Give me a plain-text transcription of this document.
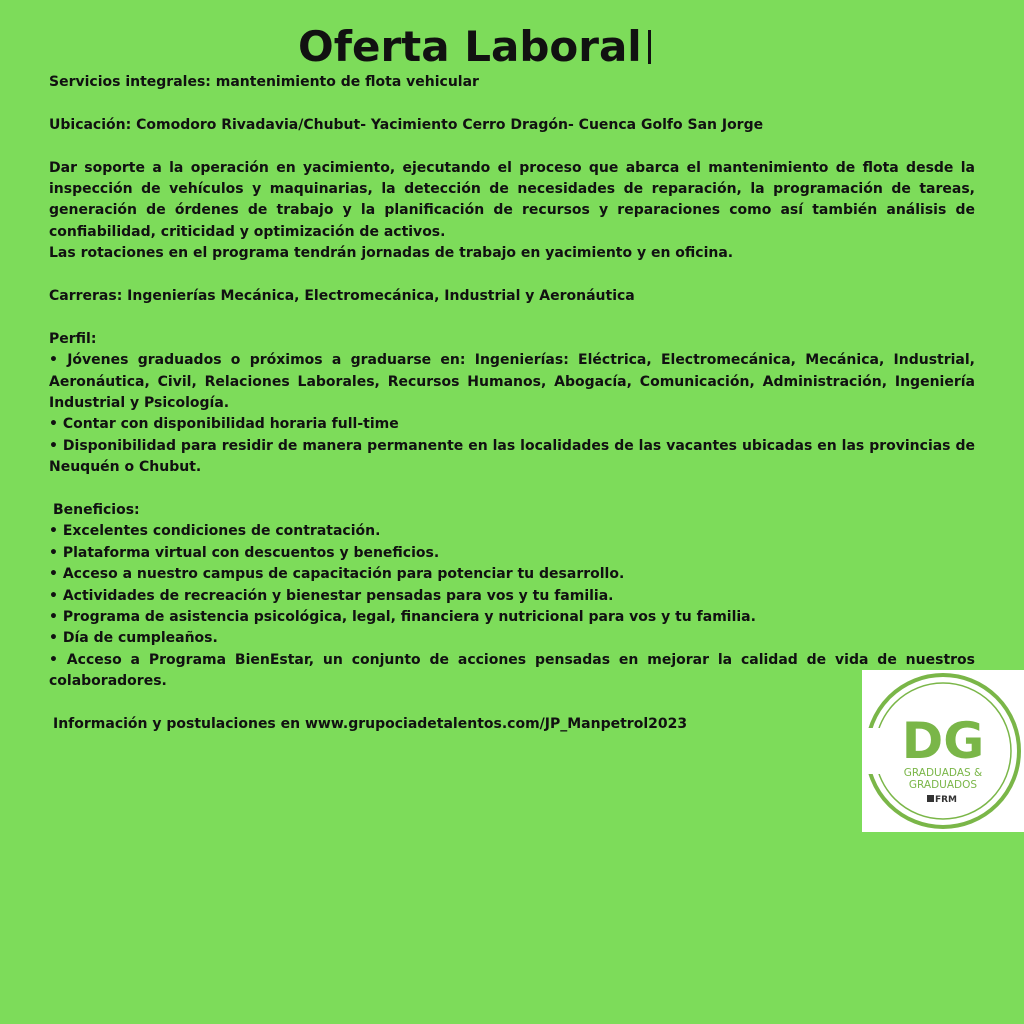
Oferta Laboral

Servicios integrales: mantenimiento de flota vehicular

Ubicación: Comodoro Rivadavia/Chubut- Yacimiento Cerro Dragón- Cuenca Golfo San Jorge

Dar soporte a la operación en yacimiento, ejecutando el proceso que abarca el mantenimiento de flota desde la inspección de vehículos y maquinarias, la detección de necesidades de reparación, la programación de tareas, generación de órdenes de trabajo y la planificación de recursos y reparaciones como así también análisis de confiabilidad, criticidad y optimización de activos.

Las rotaciones en el programa tendrán jornadas de trabajo en yacimiento y en oficina.

Carreras: Ingenierías Mecánica, Electromecánica, Industrial y Aeronáutica

Perfil:

• Jóvenes graduados o próximos a graduarse en: Ingenierías: Eléctrica, Electromecánica, Mecánica, Industrial, Aeronáutica, Civil, Relaciones Laborales, Recursos Humanos, Abogacía, Comunicación, Administración, Ingeniería Industrial y Psicología.

• Contar con disponibilidad horaria full-time

• Disponibilidad para residir de manera permanente en las localidades de las vacantes ubicadas en las provincias de Neuquén o Chubut.

Beneficios:

• Excelentes condiciones de contratación.

• Plataforma virtual con descuentos y beneficios.

• Acceso a nuestro campus de capacitación para potenciar tu desarrollo.

• Actividades de recreación y bienestar pensadas para vos y tu familia.

• Programa de asistencia psicológica, legal, financiera y nutricional para vos y tu familia.

• Día de cumpleaños.

• Acceso a Programa BienEstar, un conjunto de acciones pensadas en mejorar la calidad de vida de nuestros colaboradores.

Información y postulaciones en www.grupociadetalentos.com/JP_Manpetrol2023	DG
GRADUADAS &
GRADUADOS
FRM
